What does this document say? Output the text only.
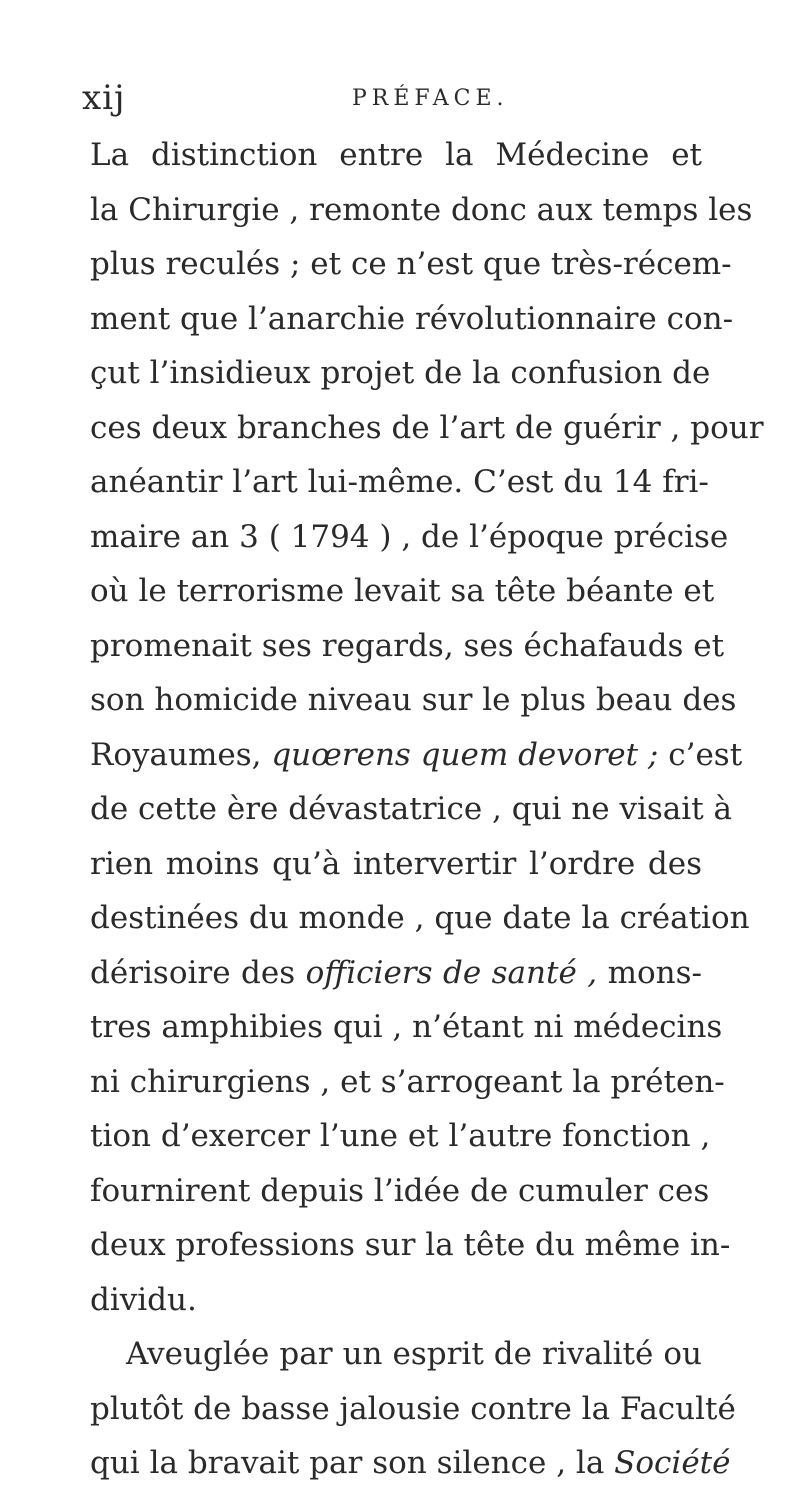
xij	PRÉFACE.
La distinction entre la Médecine et
la Chirurgie , remonte donc aux temps les
plus reculés ; et ce n’est que très-récem-
ment que l’anarchie révolutionnaire con-
çut l’insidieux projet de la confusion de
ces deux branches de l’art de guérir , pour
anéantir l’art lui-même. C’est du 14 fri-
maire an 3 ( 1794 ) , de l’époque précise
où le terrorisme levait sa tête béante et
promenait ses regards, ses échafauds et
son homicide niveau sur le plus beau des
Royaumes, quœrens quem devoret ; c’est
de cette ère dévastatrice , qui ne visait à
rien moins qu’à intervertir l’ordre des
destinées du monde , que date la création
dérisoire des officiers de santé , mons-
tres amphibies qui , n’étant ni médecins
ni chirurgiens , et s’arrogeant la préten-
tion d’exercer l’une et l’autre fonction ,
fournirent depuis l’idée de cumuler ces
deux professions sur la tête du même in-
dividu.
Aveuglée par un esprit de rivalité ou
plutôt de basse jalousie contre la Faculté
qui la bravait par son silence , la Société
